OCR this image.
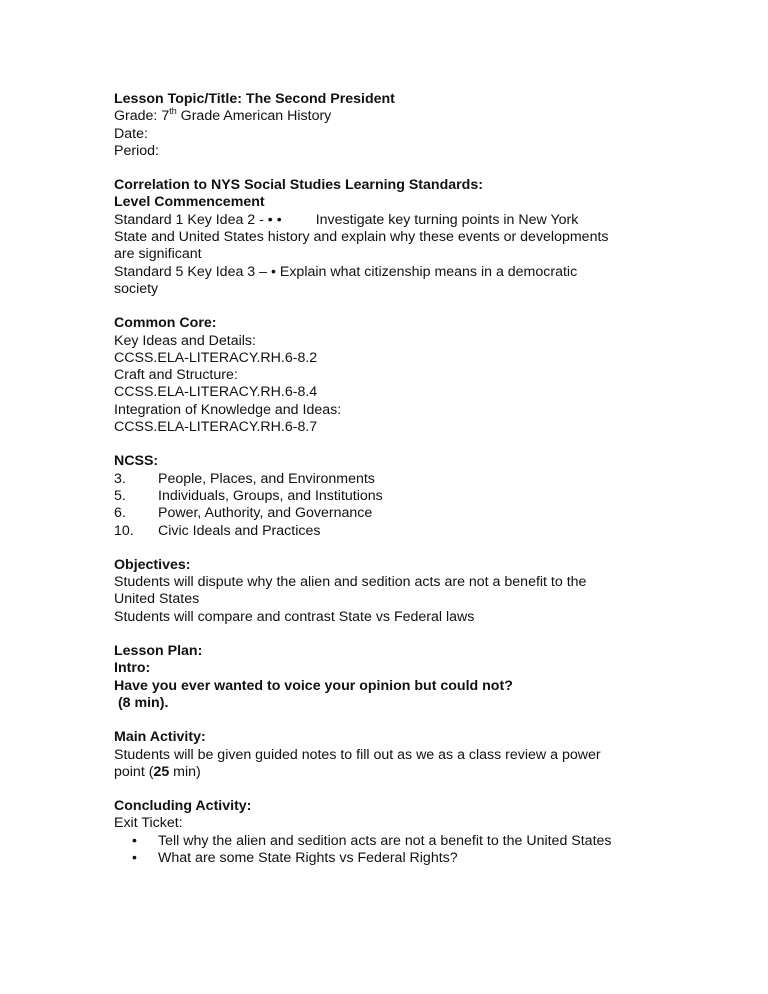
Lesson Topic/Title: The Second President
Grade: 7th Grade American History
Date:
Period:
Correlation to NYS Social Studies Learning Standards:
Level Commencement
Standard 1 Key Idea 2 - • • Investigate key turning points in New York
State and United States history and explain why these events or developments
are significant
Standard 5 Key Idea 3 – • Explain what citizenship means in a democratic
society
Common Core:
Key Ideas and Details:
CCSS.ELA-LITERACY.RH.6-8.2
Craft and Structure:
CCSS.ELA-LITERACY.RH.6-8.4
Integration of Knowledge and Ideas:
CCSS.ELA-LITERACY.RH.6-8.7
NCSS:
3. People, Places, and Environments
5. Individuals, Groups, and Institutions
6. Power, Authority, and Governance
10. Civic Ideals and Practices
Objectives:
Students will dispute why the alien and sedition acts are not a benefit to the
United States
Students will compare and contrast State vs Federal laws
Lesson Plan:
Intro:
Have you ever wanted to voice your opinion but could not?
(8 min).
Main Activity:
Students will be given guided notes to fill out as we as a class review a power
point (25 min)
Concluding Activity:
Exit Ticket:
•	Tell why the alien and sedition acts are not a benefit to the United States
•	What are some State Rights vs Federal Rights?
